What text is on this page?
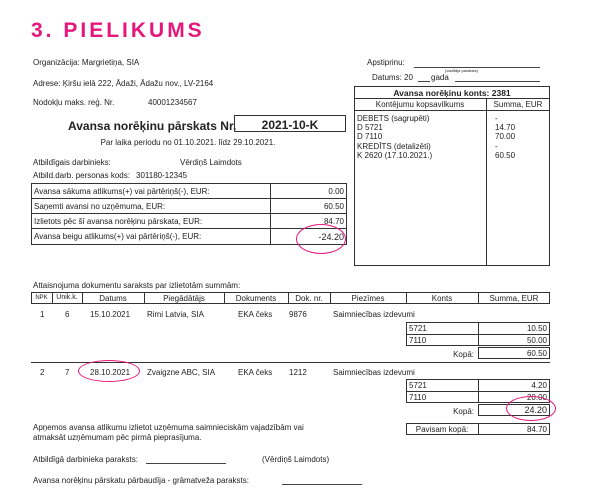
3. PIELIKUMS
Organizācija: Margrietiņa, SIA
Adrese: Ķiršu ielā 222, Ādaži, Ādažu nov., LV-2164
Nodokļu maks. reģ. Nr.	40001234567
Apstiprinu:
(vadītāja paraksts)
Datums: 20 gada
Avansa norēķinu konts: 2381
Kontējumu kopsavilkums	Summa, EUR
DEBETS (sagrupēti)	-
D 5721	14.70
D 7110	70.00
KREDĪTS (detalizēti)	-
K 2620 (17.10.2021.)	60.50
Avansa norēķinu pārskats Nr.	2021-10-K
Par laika periodu no 01.10.2021. līdz 29.10.2021.
Atbildīgais darbinieks:	Vērdiņš Laimdots
Atbild.darb. personas kods: 301180-12345
Avansa sākuma atlikums(+) vai pārtēriņš(-), EUR:	0.00
Saņemti avansi no uzņēmuma, EUR:	60.50
Izlietots pēc šī avansa norēķinu pārskata, EUR:	84.70
Avansa beigu atlikums(+) vai pārtēriņš(-), EUR:	-24.20
Attaisnojuma dokumentu saraksts par izlietotām summām:
NPK	Unik.k.	Datums	Piegādātājs	Dokuments	Dok. nr.	Piezīmes	Konts	Summa, EUR
1	6	15.10.2021 Rimi Latvia, SIA	EKA čeks 9876	Saimniecības izdevumi
5721	10.50
7110	50.00
Kopā:	60.50
2	7	28.10.2021 Zvaigzne ABC, SIA	EKA čeks 1212	Saimniecības izdevumi
5721	4.20
7110	20.00
Kopā:	24.20
Apņemos avansa atlikumu izlietot uzņēmuma saimnieciskām vajadzībām vai
atmaksāt uzņēmumam pēc pirmā pieprasījuma.
Pavisam kopā:	84.70
Atbildīgā darbinieka paraksts:	(Vērdiņš Laimdots)
Avansa norēķinu pārskatu pārbaudīja - grāmatveža paraksts:
